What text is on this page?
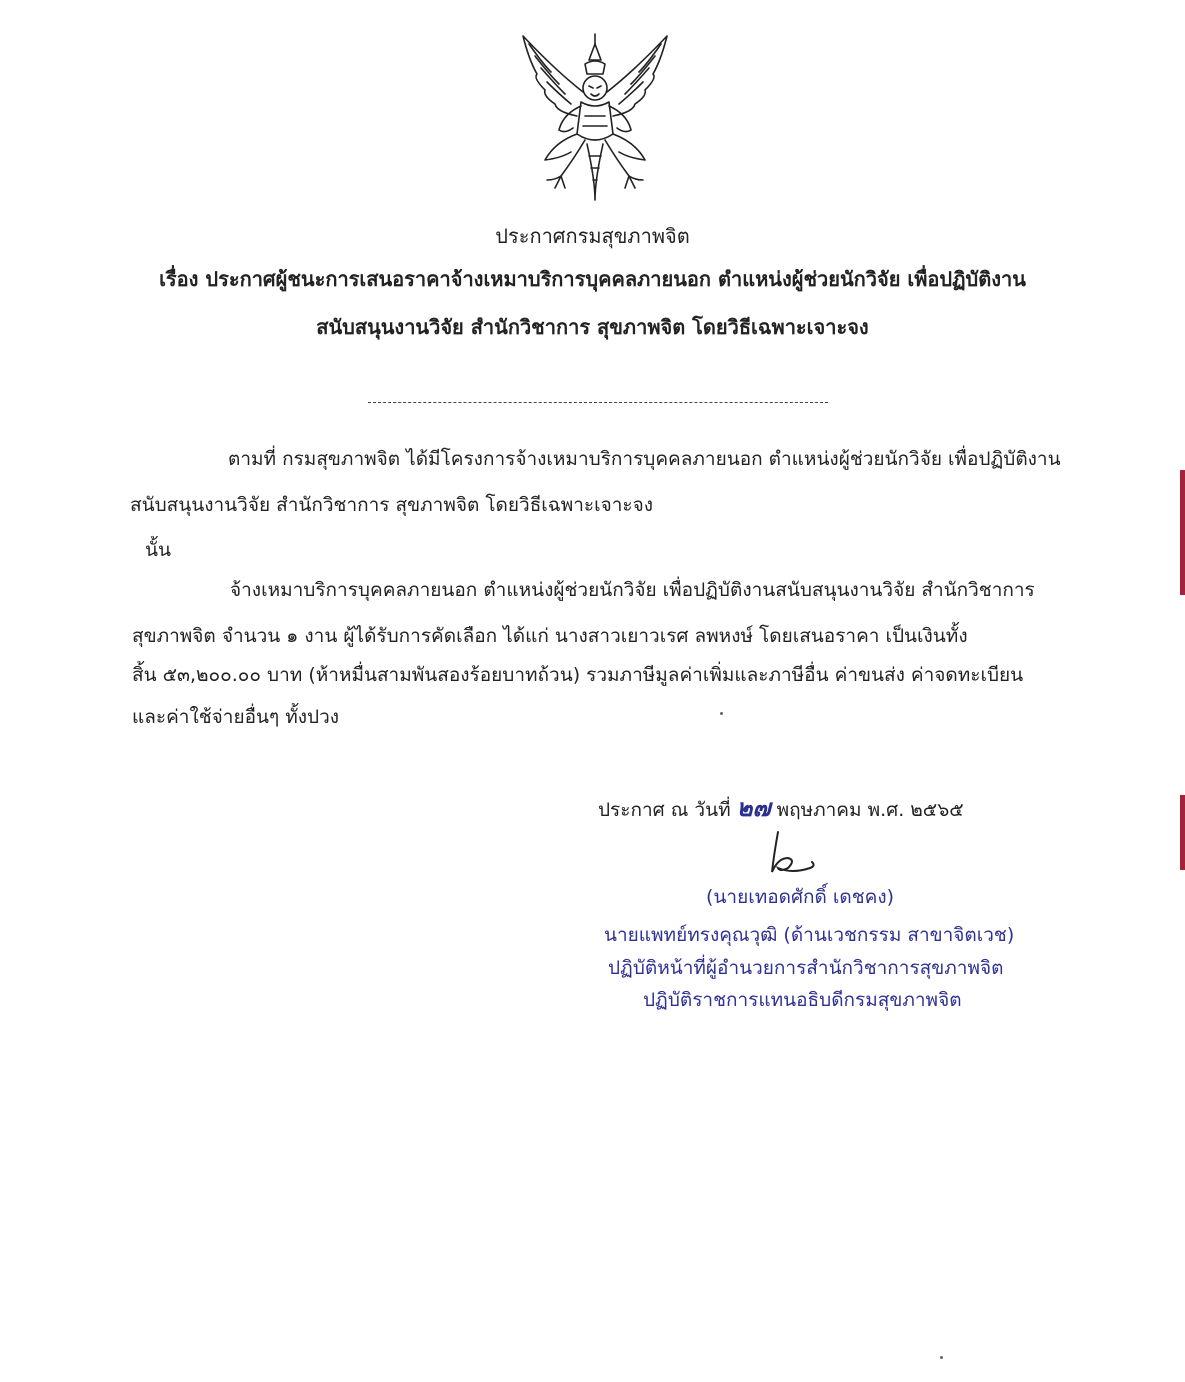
ประกาศกรมสุขภาพจิต
เรื่อง ประกาศผู้ชนะการเสนอราคาจ้างเหมาบริการบุคคลภายนอก ตำแหน่งผู้ช่วยนักวิจัย เพื่อปฏิบัติงาน
สนับสนุนงานวิจัย สำนักวิชาการ สุขภาพจิต โดยวิธีเฉพาะเจาะจง
ตามที่ กรมสุขภาพจิต ได้มีโครงการจ้างเหมาบริการบุคคลภายนอก ตำแหน่งผู้ช่วยนักวิจัย เพื่อปฏิบัติงาน
สนับสนุนงานวิจัย สำนักวิชาการ สุขภาพจิต โดยวิธีเฉพาะเจาะจง
นั้น
จ้างเหมาบริการบุคคลภายนอก ตำแหน่งผู้ช่วยนักวิจัย เพื่อปฏิบัติงานสนับสนุนงานวิจัย สำนักวิชาการ
สุขภาพจิต จำนวน ๑ งาน ผู้ได้รับการคัดเลือก ได้แก่ นางสาวเยาวเรศ ลพหงษ์ โดยเสนอราคา เป็นเงินทั้ง
สิ้น ๕๓,๒๐๐.๐๐ บาท (ห้าหมื่นสามพันสองร้อยบาทถ้วน) รวมภาษีมูลค่าเพิ่มและภาษีอื่น ค่าขนส่ง ค่าจดทะเบียน
และค่าใช้จ่ายอื่นๆ ทั้งปวง
ประกาศ ณ วันที่ ๒๗ พฤษภาคม พ.ศ. ๒๕๖๕
(นายเทอดศักดิ์ เดชคง)
นายแพทย์ทรงคุณวุฒิ (ด้านเวชกรรม สาขาจิตเวช)
ปฏิบัติหน้าที่ผู้อำนวยการสำนักวิชาการสุขภาพจิต
ปฏิบัติราชการแทนอธิบดีกรมสุขภาพจิต
